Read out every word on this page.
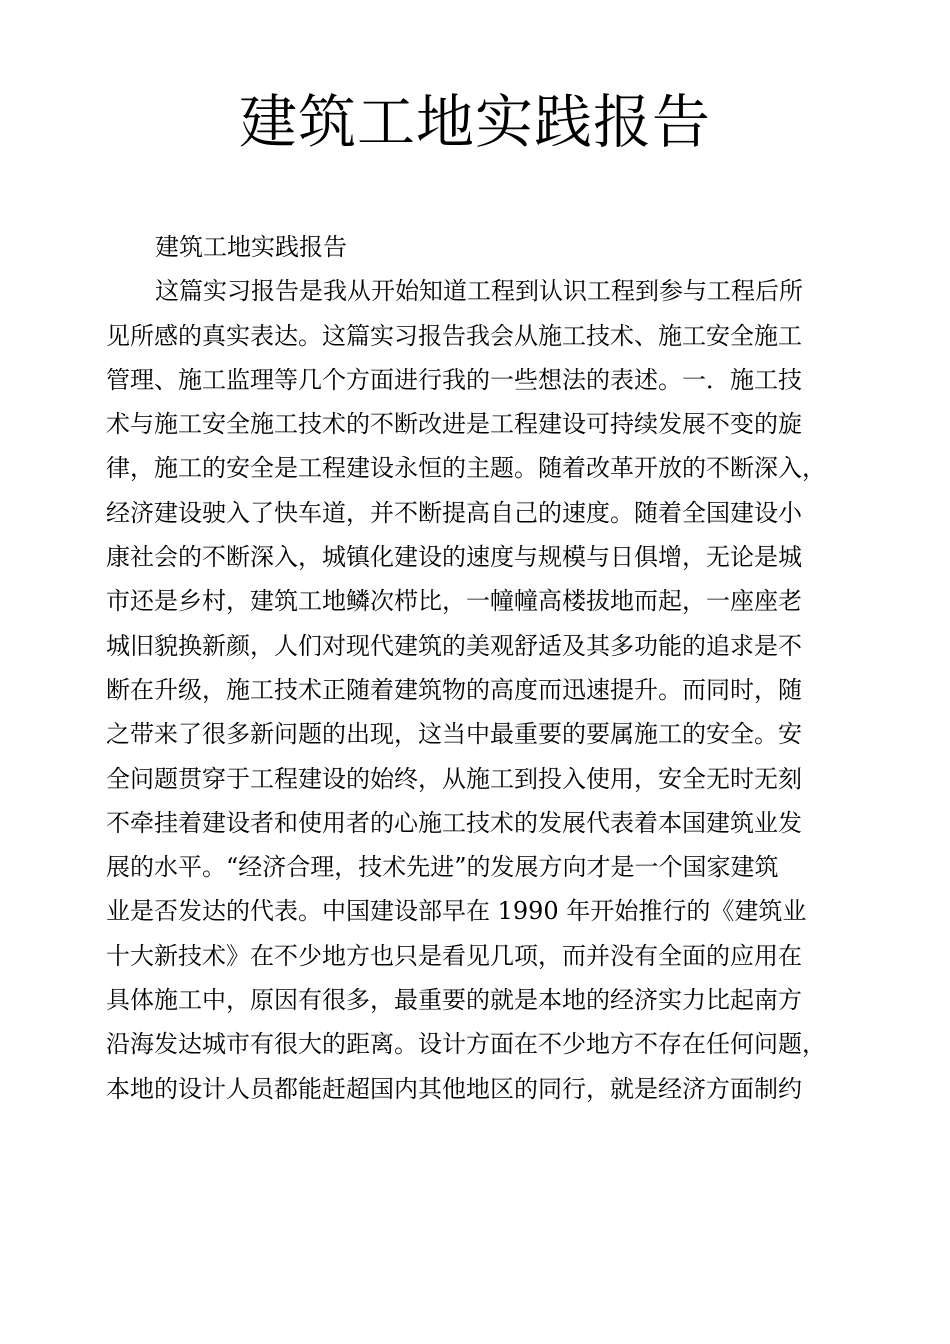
建筑工地实践报告
建筑工地实践报告
这篇实习报告是我从开始知道工程到认识工程到参与工程后所
见所感的真实表达。这篇实习报告我会从施工技术、施工安全施工
管理、施工监理等几个方面进行我的一些想法的表述。一．施工技
术与施工安全施工技术的不断改进是工程建设可持续发展不变的旋
律，施工的安全是工程建设永恒的主题。随着改革开放的不断深入，
经济建设驶入了快车道，并不断提高自己的速度。随着全国建设小
康社会的不断深入，城镇化建设的速度与规模与日俱增，无论是城
市还是乡村，建筑工地鳞次栉比，一幢幢高楼拔地而起，一座座老
城旧貌换新颜，人们对现代建筑的美观舒适及其多功能的追求是不
断在升级，施工技术正随着建筑物的高度而迅速提升。而同时，随
之带来了很多新问题的出现，这当中最重要的要属施工的安全。安
全问题贯穿于工程建设的始终，从施工到投入使用，安全无时无刻
不牵挂着建设者和使用者的心施工技术的发展代表着本国建筑业发
展的水平。“经济合理，技术先进”的发展方向才是一个国家建筑
业是否发达的代表。中国建设部早在 1990 年开始推行的《建筑业
十大新技术》在不少地方也只是看见几项，而并没有全面的应用在
具体施工中，原因有很多，最重要的就是本地的经济实力比起南方
沿海发达城市有很大的距离。设计方面在不少地方不存在任何问题，
本地的设计人员都能赶超国内其他地区的同行，就是经济方面制约
